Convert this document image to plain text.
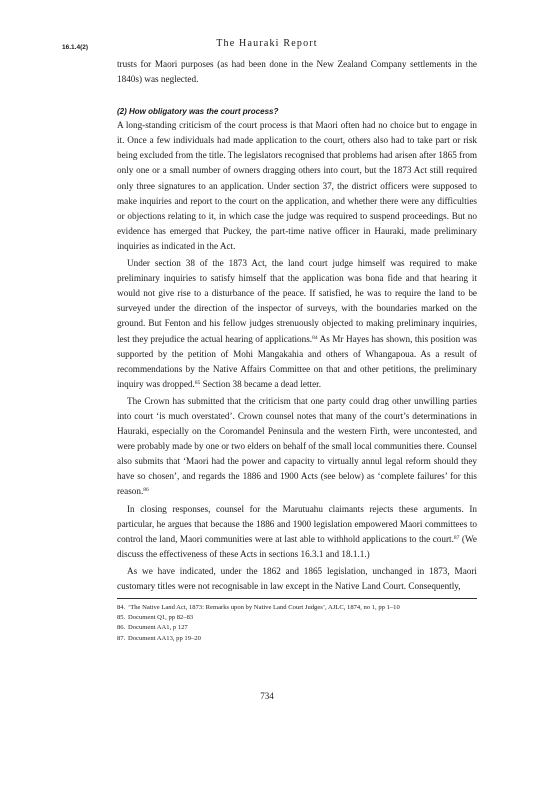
16.1.4(2)	The Hauraki Report

trusts for Maori purposes (as had been done in the New Zealand Company settlements in the 1840s) was neglected.

(2) How obligatory was the court process?

A long-standing criticism of the court process is that Maori often had no choice but to engage in it. Once a few individuals had made application to the court, others also had to take part or risk being excluded from the title. The legislators recognised that problems had arisen after 1865 from only one or a small number of owners dragging others into court, but the 1873 Act still required only three signatures to an application. Under section 37, the district officers were supposed to make inquiries and report to the court on the application, and whether there were any difficulties or objections relating to it, in which case the judge was required to suspend proceedings. But no evidence has emerged that Puckey, the part-time native officer in Hauraki, made preliminary inquiries as indicated in the Act.

Under section 38 of the 1873 Act, the land court judge himself was required to make preliminary inquiries to satisfy himself that the application was bona fide and that hearing it would not give rise to a disturbance of the peace. If satisfied, he was to require the land to be surveyed under the direction of the inspector of surveys, with the boundaries marked on the ground. But Fenton and his fellow judges strenuously objected to making preliminary inquiries, lest they prejudice the actual hearing of applications.$^{84}$ As Mr Hayes has shown, this position was supported by the petition of Mohi Mangakahia and others of Whangapoua. As a result of recommendations by the Native Affairs Committee on that and other petitions, the preliminary inquiry was dropped.$^{85}$ Section 38 became a dead letter.

The Crown has submitted that the criticism that one party could drag other unwilling parties into court ‘is much overstated’. Crown counsel notes that many of the court’s determinations in Hauraki, especially on the Coromandel Peninsula and the western Firth, were uncontested, and were probably made by one or two elders on behalf of the small local communities there. Counsel also submits that ‘Maori had the power and capacity to virtually annul legal reform should they have so chosen’, and regards the 1886 and 1900 Acts (see below) as ‘complete failures’ for this reason.$^{86}$

In closing responses, counsel for the Marutuahu claimants rejects these arguments. In particular, he argues that because the 1886 and 1900 legislation empowered Maori committees to control the land, Maori communities were at last able to withhold applications to the court.$^{87}$ (We discuss the effectiveness of these Acts in sections 16.3.1 and 18.1.1.)

As we have indicated, under the 1862 and 1865 legislation, unchanged in 1873, Maori customary titles were not recognisable in law except in the Native Land Court. Consequently,

84. ‘The Native Land Act, 1873: Remarks upon by Native Land Court Judges’, AJLC, 1874, no 1, pp 1–10
85. Document Q1, pp 82–83
86. Document AA1, p 127
87. Document AA13, pp 19–20
734
